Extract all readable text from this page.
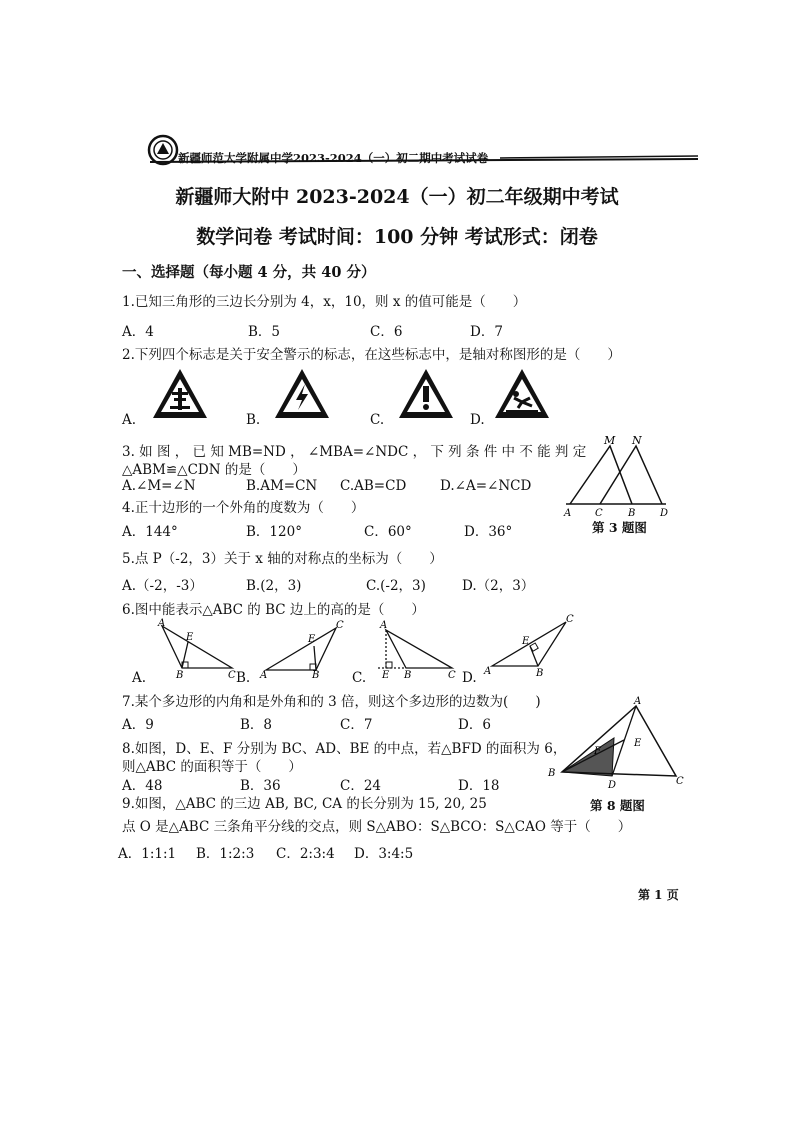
新疆师范大学附属中学2023-2024（一）初二期中考试试卷
新疆师大附中 2023-2024（一）初二年级期中考试
数学问卷 考试时间：100 分钟 考试形式：闭卷
一、选择题（每小题 4 分，共 40 分）
1.已知三角形的三边长分别为 4，x，10，则 x 的值可能是（　　）
A．4	B．5	C．6	D．7
2.下列四个标志是关于安全警示的标志，在这些标志中，是轴对称图形的是（　　）
A.	B.	C.	D.
3. 如 图 ， 已 知 MB=ND ， ∠MBA=∠NDC ， 下 列 条 件 中 不 能 判 定
△ABM≌△CDN 的是（　　）
A.∠M=∠N	B.AM=CN C.AB=CD D.∠A=∠NCD
M N
A C	B D
第 3 题图
4.正十边形的一个外角的度数为（　　）
A．144°	B．120°	C．60°	D．36°
5.点 P（-2，3）关于 x 轴的对称点的坐标为（　　）
A.（-2，-3）	B.(2，3)	C.(-2，3)	D.（2，3）
6.图中能表示△ABC 的 BC 边上的高的是（　　）
A.	B.	C.	D.
A
E
B	C
C
E
A	B
A
E B	C
C
E
A	B
7.某个多边形的内角和是外角和的 3 倍，则这个多边形的边数为(　　)
A．9	B．8	C．7	D．6
8.如图，D、E、F 分别为 BC、AD、BE 的中点，若△BFD 的面积为 6，
则△ABC 的面积等于（　　）
A．48	B．36	C．24	D．18
A
E
F
B
D	C
第 8 题图
9.如图，△ABC 的三边 AB, BC, CA 的长分别为 15, 20, 25
点 O 是△ABC 三条角平分线的交点，则 S△ABO：S△BCO：S△CAO 等于（　　）
A．1:1:1 B．1:2:3 C．2:3:4 D．3:4:5
第 1 页
